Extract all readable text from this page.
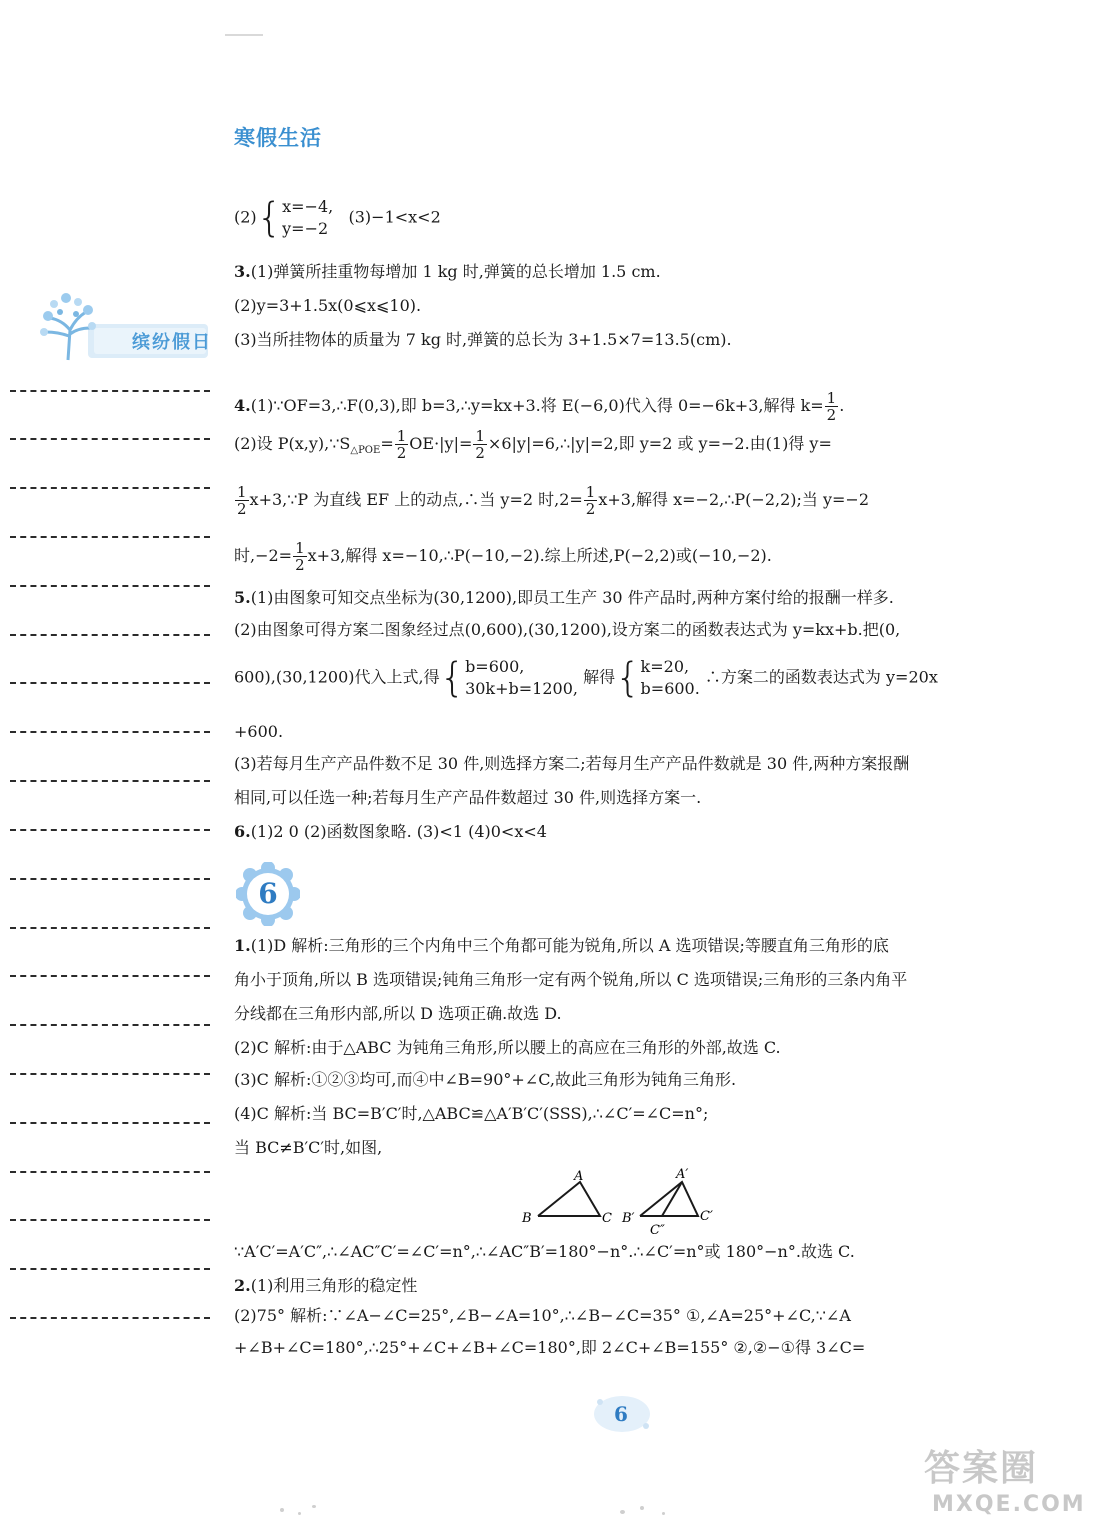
寒假生活
缤纷假日
(2){ x=−4,
y=−2
(3)−1<x<2
3.(1)弹簧所挂重物每增加 1 kg 时,弹簧的总长增加 1.5 cm.
(2)y=3+1.5x(0⩽x⩽10).
(3)当所挂物体的质量为 7 kg 时,弹簧的总长为 3+1.5×7=13.5(cm).
4.(1)∵OF=3,∴F(0,3),即 b=3,∴y=kx+3.将 E(−6,0)代入得 0=−6k+3,解得 $k= \frac{1}{2}$ .
(2)设 $P(x,y),\because S_{\triangle POE}= \frac{1}{2} OE\cdot|y|= \frac{1}{2}$ ×6|y|=6,∴|y|=2,即 y=2 或 y=−2.由(1)得 y=
$\frac{1}{2}$ x+3,∵P 为直线 EF 上的动点,∴当 y=2 时$,2= \frac{1}{2} x+3$,解得 x=−2,∴P(−2,2);当 y=−2
时$,-2= \frac{1}{2} x+3$,解得 x=−10,∴P(−10,−2).综上所述,P(−2,2)或(−10,−2).
5.(1)由图象可知交点坐标为(30,1200),即员工生产 30 件产品时,两种方案付给的报酬一样多.
(2)由图象可得方案二图象经过点(0,600),(30,1200),设方案二的函数表达式为 y=kx+b.把(0,
600),(30,1200)代入上式,得{ b=600,
30k+b=1200,
解得{ k=20,
b=600.
∴方案二的函数表达式为 y=20x
+600.
(3)若每月生产产品件数不足 30 件,则选择方案二;若每月生产产品件数就是 30 件,两种方案报酬
相同,可以任选一种;若每月生产产品件数超过 30 件,则选择方案一.
6.(1)2 0 (2)函数图象略. (3)<1 (4)0<x<4
1.(1)D 解析:三角形的三个内角中三个角都可能为锐角,所以 A 选项错误;等腰直角三角形的底
角小于顶角,所以 B 选项错误;钝角三角形一定有两个锐角,所以 C 选项错误;三角形的三条内角平
分线都在三角形内部,所以 D 选项正确.故选 D.
(2)C 解析:由于△ABC 为钝角三角形,所以腰上的高应在三角形的外部,故选 C.
(3)C 解析:①②③均可,而④中∠B=90°+∠C,故此三角形为钝角三角形.
(4)C 解析:当 BC=B′C′时,△ABC≌△A′B′C′(SSS),∴∠C′=∠C=n°;
当 BC≠B′C′时,如图,
∵A′C′=A′C″,∴∠AC″C′=∠C′=n°,∴∠AC″B′=180°−n°.∴∠C′=n°或 180°−n°.故选 C.
2.(1)利用三角形的稳定性
(2)75° 解析:∵∠A−∠C=25°,∠B−∠A=10°,∴∠B−∠C=35° ①,∠A=25°+∠C,∵∠A
+∠B+∠C=180°,∴25°+∠C+∠B+∠C=180°,即 2∠C+∠B=155° ②,②−①得 3∠C=
6
A
B	C
A′
B′
C″
C′
6
答案圈
MXQE.COM
